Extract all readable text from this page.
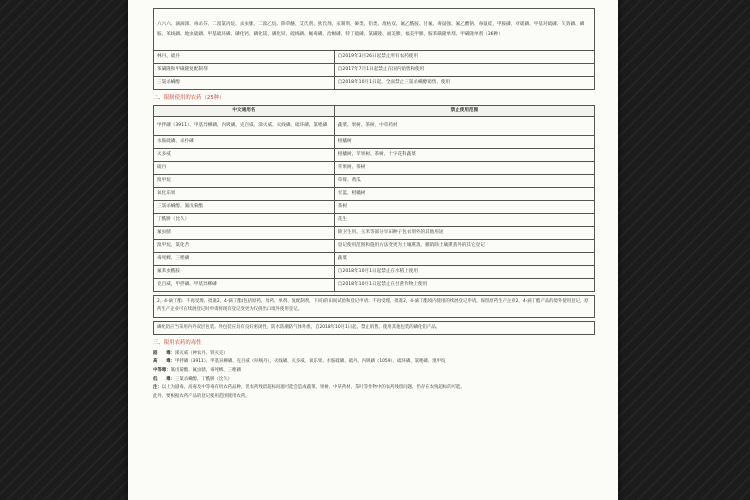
六六六、滴滴涕、毒杀芬、二溴氯丙烷、杀虫脒、二溴乙烷、除草醚、艾氏剂、狄氏剂、汞制剂、砷类、铅类、敌枯双、氟乙酰胺、甘氟、毒鼠强、氟乙酸钠、毒鼠硅、甲胺磷、对硫磷、甲基对硫磷、久效磷、磷胺、苯线磷、地虫硫磷、甲基硫环磷、磷化钙、磷化镁、磷化锌、硫线磷、蝇毒磷、治螟磷、特丁硫磷、氯磺隆、福美胂、福美甲胂、胺苯磺隆单剂、甲磺隆单剂（36种）	
林丹、硫丹	自2019年3月26日起禁止所有农药使用
苯磺隆和甲磺隆复配制剂	自2017年7月1日起禁止在国内销售和使用
三氯杀螨醇	自2018年10月1日起，全面禁止三氯杀螨醇销售、使用
二、限制使用的农药（25种）
中文通用名	禁止使用范围
甲拌磷（3911）、甲基异柳磷、内吸磷、克百威、涕灭威、灭线磷、硫环磷、氯唑磷	蔬菜、果树、茶树、中草药材
水胺硫磷、杀扑磷	柑橘树
灭多威	柑橘树、苹果树、茶树、十字花科蔬菜
硫丹	苹果树、茶树
溴甲烷	草莓、黄瓜
氧化乐果	甘蓝、柑橘树
三氯杀螨醇、氰戊菊酯	茶树
丁酰肼（比久）	花生
氟虫腈	除卫生用、玉米等部分旱田种子包衣剂外的其他用途
溴甲烷、氯化苦	登记使用范围和施用方法变更为土壤熏蒸，撤销除土壤熏蒸外的其它登记
毒死蜱、三唑磷	蔬菜
氟苯虫酰胺	自2018年10月1日起禁止在水稻上使用
克百威、甲拌磷、甲基异柳磷	自2018年10月1日起禁止在甘蔗作物上使用
2，4-滴丁酯：不再受理、批准2，4-滴丁酯(包括原药、母药、单剂、复配制剂，下同)的田间试验和登记申请；不再受理、批准2，4-滴丁酯境内使用的续展登记申请。保留原药生产企业2，4-滴丁酯产品的境外使用登记，原药生产企业可在续展登记时申请将现有登记变更为仅供出口境外使用登记。
磷化铝应当采用内外双层包装。外包装应具有良好密闭性，防水防潮防气体外泄。自2018年10月1日起，禁止销售、使用其他包装的磷化铝产品。
三、限用农药的毒性
剧　　毒：涕灭威（神农丹、铁灭克）
高　　毒：甲拌磷（3911）、甲基异柳磷、克百威（呋喃丹）、灭线磷、灭多威、氧乐果、水胺硫磷、硫丹、内吸磷（1059）、硫环磷、氯唑磷、溴甲烷
中等毒：氰戊菊酯、氟虫腈、毒死蜱、三唑磷
低　　毒：三氯杀螨醇、丁酰肼（比久）
注：以上为剧毒、高毒及中等毒有机农药品种，但农药残留超标问题可能会造成蔬菜、果树、中草药材、茶叶等作物中的农药残留问题，仍存在农残超标的可能。
此外，要根据农药产品的登记使用范围使用农药。
